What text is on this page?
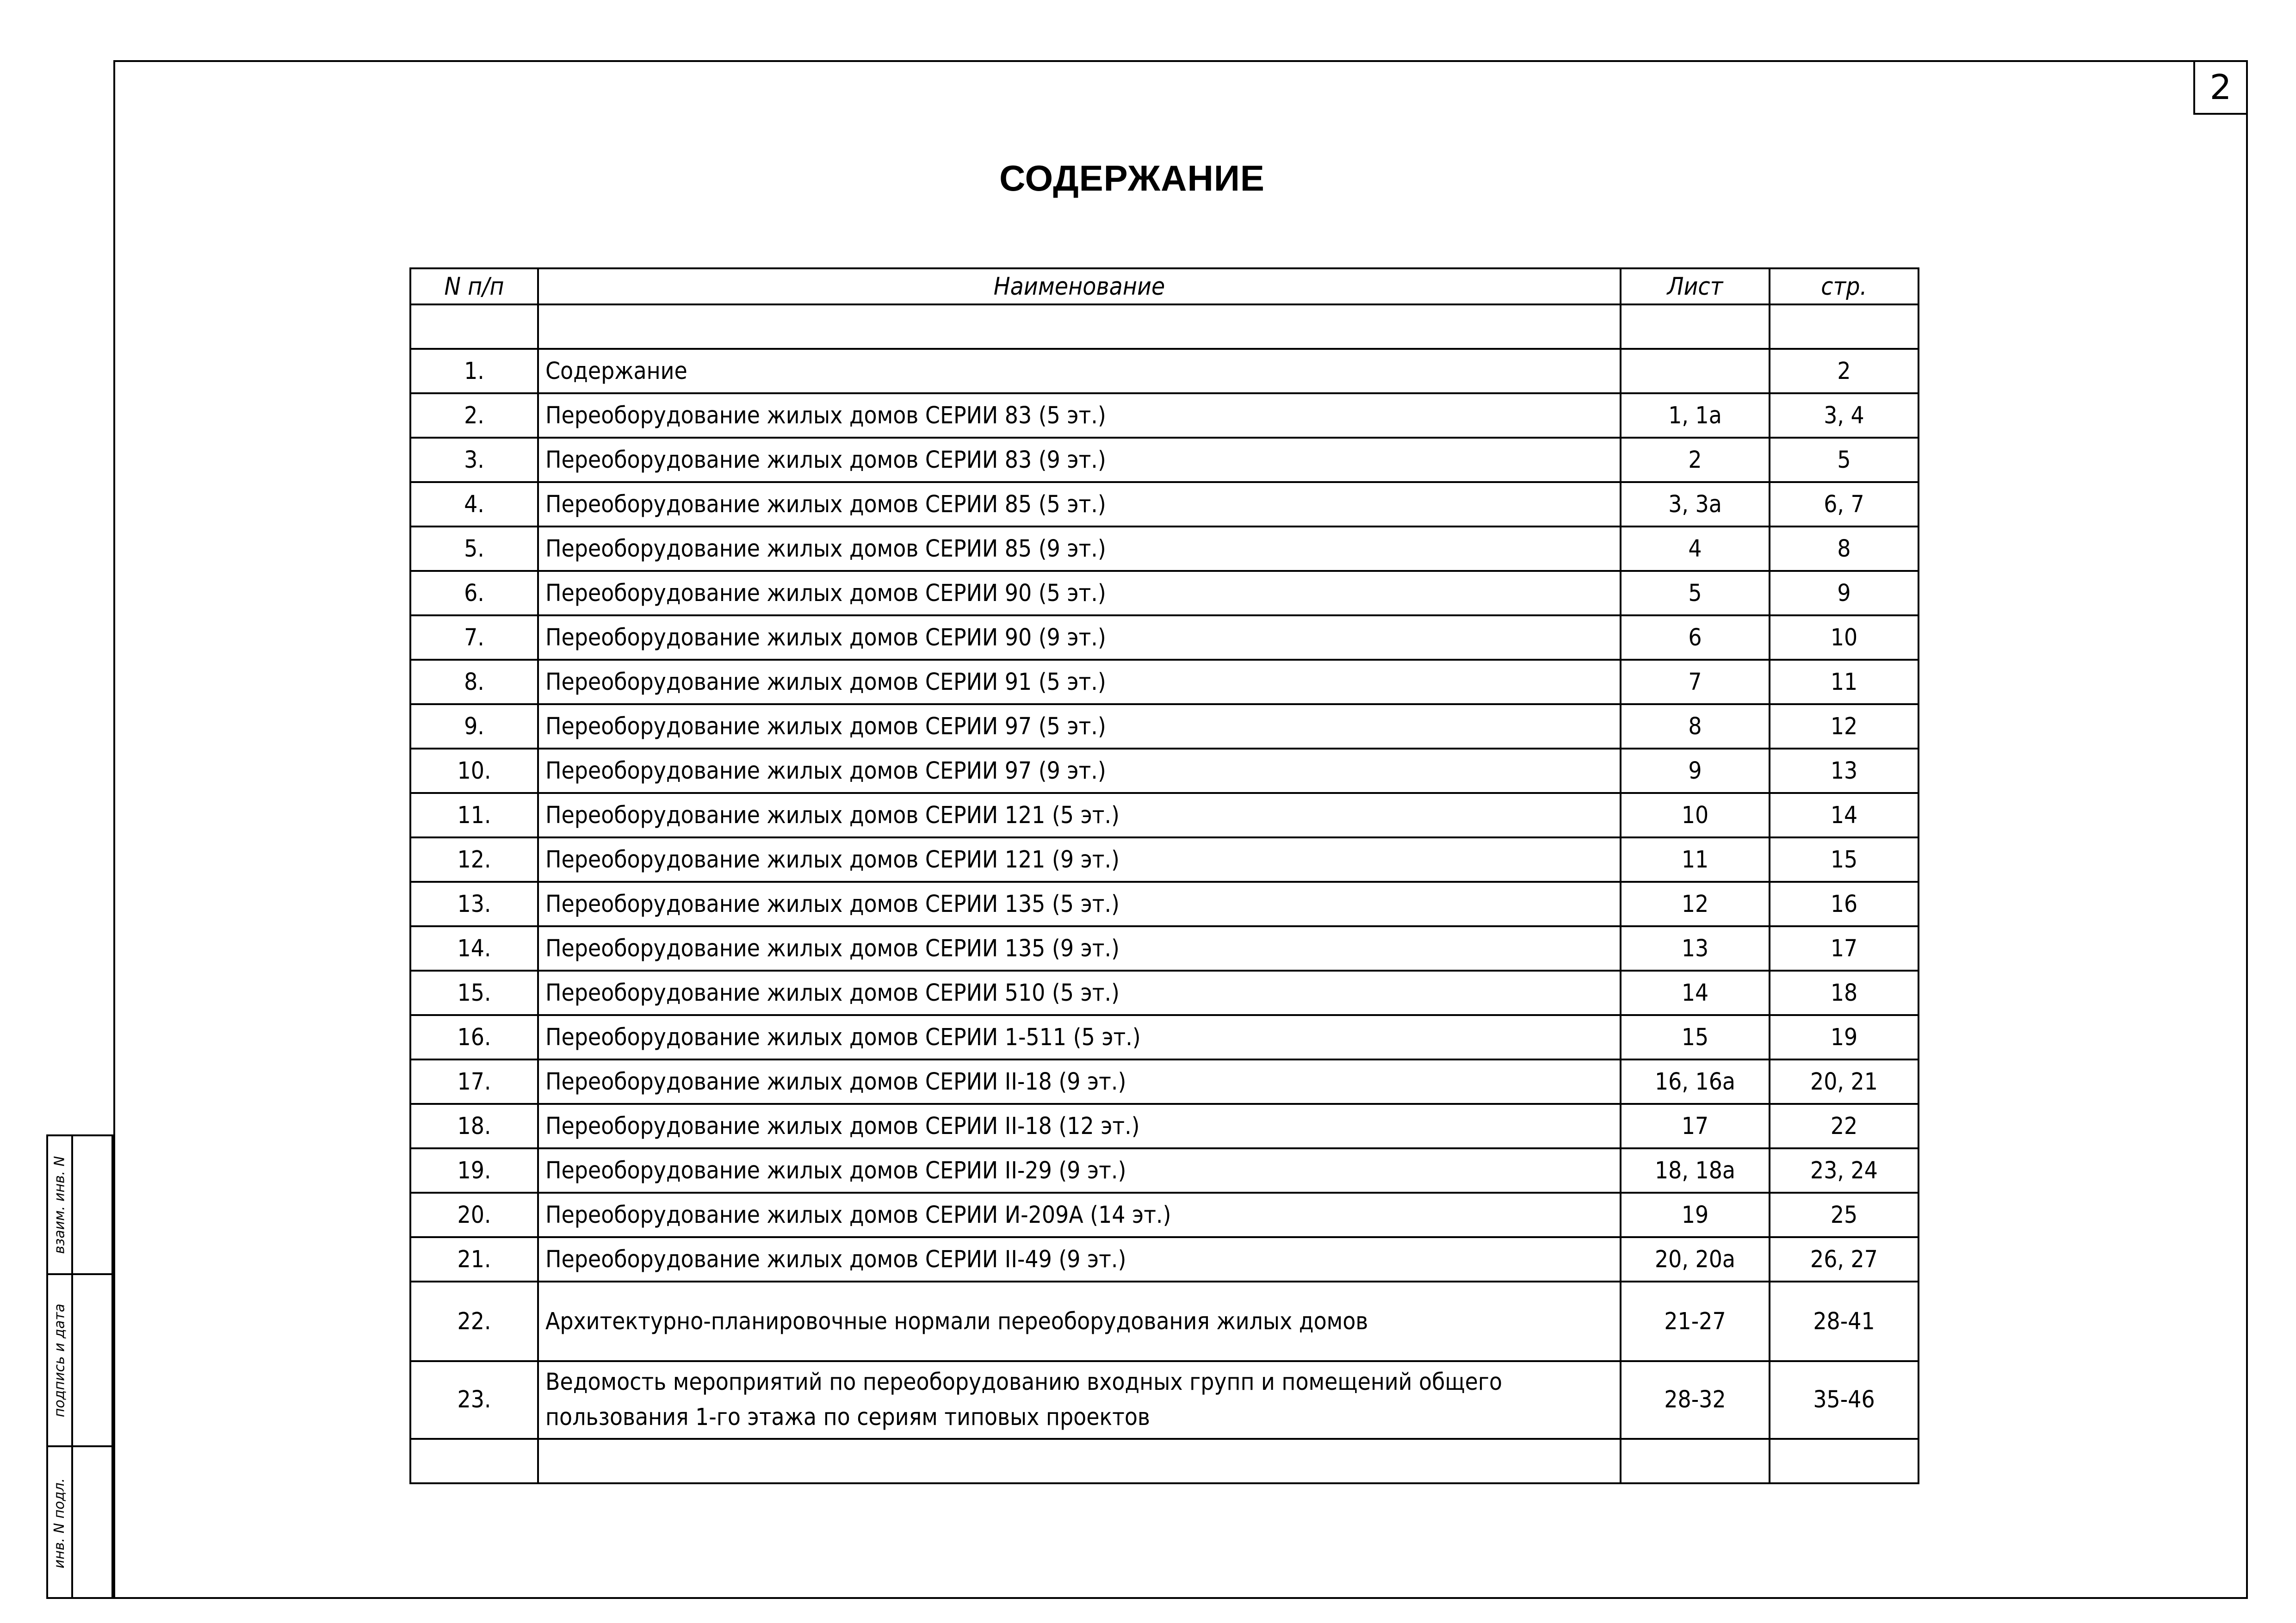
2
СОДЕРЖАНИЕ
N п/п	Наименование	Лист	стр.

1.	Содержание		2
2.	Переоборудование жилых домов СЕРИИ 83 (5 эт.)	1, 1а	3, 4
3.	Переоборудование жилых домов СЕРИИ 83 (9 эт.)	2	5
4.	Переоборудование жилых домов СЕРИИ 85 (5 эт.)	3, 3а	6, 7
5.	Переоборудование жилых домов СЕРИИ 85 (9 эт.)	4	8
6.	Переоборудование жилых домов СЕРИИ 90 (5 эт.)	5	9
7.	Переоборудование жилых домов СЕРИИ 90 (9 эт.)	6	10
8.	Переоборудование жилых домов СЕРИИ 91 (5 эт.)	7	11
9.	Переоборудование жилых домов СЕРИИ 97 (5 эт.)	8	12
10.	Переоборудование жилых домов СЕРИИ 97 (9 эт.)	9	13
11.	Переоборудование жилых домов СЕРИИ 121 (5 эт.)	10	14
12.	Переоборудование жилых домов СЕРИИ 121 (9 эт.)	11	15
13.	Переоборудование жилых домов СЕРИИ 135 (5 эт.)	12	16
14.	Переоборудование жилых домов СЕРИИ 135 (9 эт.)	13	17
15.	Переоборудование жилых домов СЕРИИ 510 (5 эт.)	14	18
16.	Переоборудование жилых домов СЕРИИ 1-511 (5 эт.)	15	19
17.	Переоборудование жилых домов СЕРИИ II-18 (9 эт.)	16, 16а	20, 21
18.	Переоборудование жилых домов СЕРИИ II-18 (12 эт.)	17	22
19.	Переоборудование жилых домов СЕРИИ II-29 (9 эт.)	18, 18а	23, 24
20.	Переоборудование жилых домов СЕРИИ И-209А (14 эт.)	19	25
21.	Переоборудование жилых домов СЕРИИ II-49 (9 эт.)	20, 20а	26, 27
22.	Архитектурно-планировочные нормали переоборудования жилых домов	21-27	28-41
23.	Ведомость мероприятий по переоборудованию входных групп и помещений общего пользования 1-го этажа по сериям типовых проектов	28-32	35-46

взаим. инв. N
подпись и дата
инв. N подл.
